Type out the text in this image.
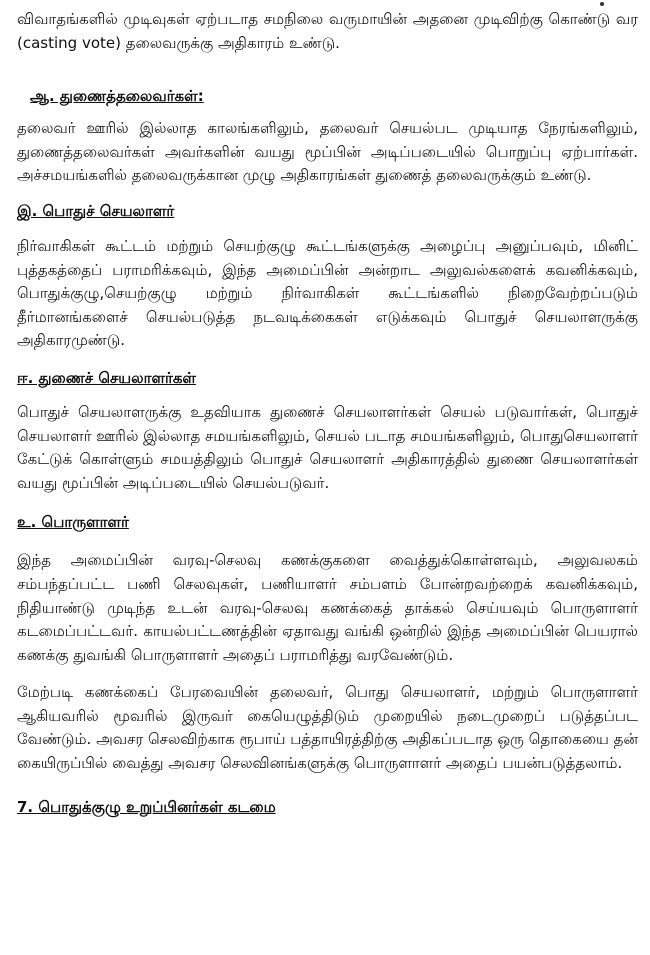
விவாதங்களில் முடிவுகள் ஏற்படாத சமநிலை வருமாயின் அதனை முடிவிற்கு கொண்டு வர (casting vote) தலைவருக்கு அதிகாரம் உண்டு.

ஆ. துணைத்தலைவர்கள்:

தலைவர் ஊரில் இல்லாத காலங்களிலும், தலைவர் செயல்பட முடியாத நேரங்களிலும், துணைத்தலைவர்கள் அவர்களின் வயது மூப்பின் அடிப்படையில் பொறுப்பு ஏற்பார்கள். அச்சமயங்களில் தலைவருக்கான முழு அதிகாரங்கள் துணைத் தலைவருக்கும் உண்டு.

இ. பொதுச் செயலாளர்

நிர்வாகிகள் கூட்டம் மற்றும் செயற்குழு கூட்டங்களுக்கு அழைப்பு அனுப்பவும், மினிட் புத்தகத்தைப் பராமரிக்கவும், இந்த அமைப்பின் அன்றாட அலுவல்களைக் கவனிக்கவும், பொதுக்குழு,செயற்குழு மற்றும் நிர்வாகிகள் கூட்டங்களில் நிறைவேற்றப்படும் தீர்மானங்களைச் செயல்படுத்த நடவடிக்கைகள் எடுக்கவும் பொதுச் செயலாளருக்கு அதிகாரமுண்டு.

ஈ. துணைச் செயலாளர்கள்

பொதுச் செயலாளருக்கு உதவியாக துணைச் செயலாளர்கள் செயல் படுவார்கள், பொதுச் செயலாளர் ஊரில் இல்லாத சமயங்களிலும், செயல் படாத சமயங்களிலும், பொதுசெயலாளர் கேட்டுக் கொள்ளும் சமயத்திலும் பொதுச் செயலாளர் அதிகாரத்தில் துணை செயலாளர்கள் வயது மூப்பின் அடிப்படையில் செயல்படுவர்.

உ. பொருளாளர்

இந்த அமைப்பின் வரவு-செலவு கணக்குகளை வைத்துக்கொள்ளவும், அலுவலகம் சம்பந்தப்பட்ட பணி செலவுகள், பணியாளர் சம்பளம் போன்றவற்றைக் கவனிக்கவும், நிதியாண்டு முடிந்த உடன் வரவு-செலவு கணக்கைத் தாக்கல் செய்யவும் பொருளாளர் கடமைப்பட்டவர். காயல்பட்டணத்தின் ஏதாவது வங்கி ஒன்றில் இந்த அமைப்பின் பெயரால் கணக்கு துவங்கி பொருளாளர் அதைப் பராமரித்து வரவேண்டும்.

மேற்படி கணக்கைப் பேரவையின் தலைவர், பொது செயலாளர், மற்றும் பொருளாளர் ஆகியவரில் மூவரில் இருவர் கையெழுத்திடும் முறையில் நடைமுறைப் படுத்தப்பட வேண்டும். அவசர செலவிற்காக ரூபாய் பத்தாயிரத்திற்கு அதிகப்படாத ஒரு தொகையை தன் கையிருப்பில் வைத்து அவசர செலவினங்களுக்கு பொருளாளர் அதைப் பயன்படுத்தலாம்.

7. பொதுக்குழு உறுப்பினர்கள் கடமை
